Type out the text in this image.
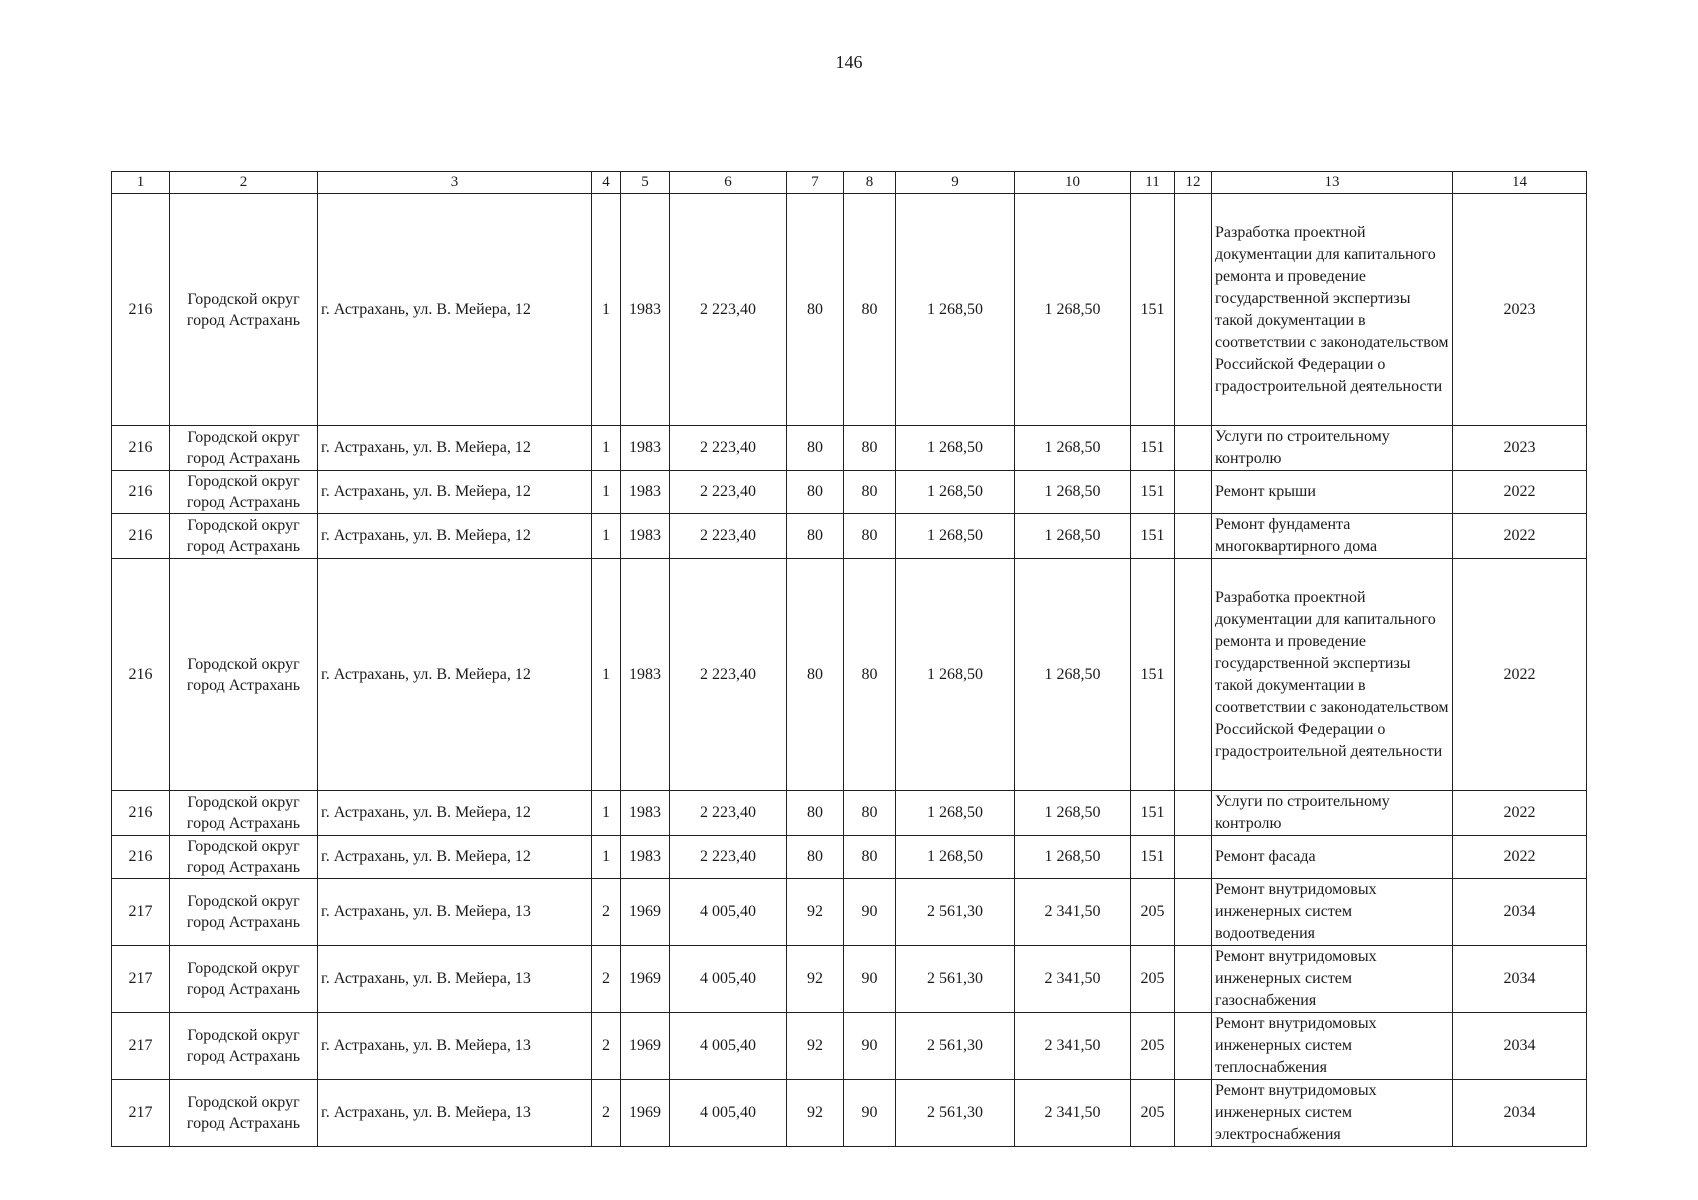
146
1	2	3	4	5	6	7	8	9	10	11	12	13	14
216	Городской округ город Астрахань	г. Астрахань, ул. В. Мейера, 12	1	1983	2 223,40	80	80	1 268,50	1 268,50	151		Разработка проектной документации для капитального ремонта и проведение государственной экспертизы такой документации в соответствии с законодательством Российской Федерации о градостроительной деятельности	2023
216	Городской округ город Астрахань	г. Астрахань, ул. В. Мейера, 12	1	1983	2 223,40	80	80	1 268,50	1 268,50	151		Услуги по строительному контролю	2023
216	Городской округ город Астрахань	г. Астрахань, ул. В. Мейера, 12	1	1983	2 223,40	80	80	1 268,50	1 268,50	151		Ремонт крыши	2022
216	Городской округ город Астрахань	г. Астрахань, ул. В. Мейера, 12	1	1983	2 223,40	80	80	1 268,50	1 268,50	151		Ремонт фундамента многоквартирного дома	2022
216	Городской округ город Астрахань	г. Астрахань, ул. В. Мейера, 12	1	1983	2 223,40	80	80	1 268,50	1 268,50	151		Разработка проектной документации для капитального ремонта и проведение государственной экспертизы такой документации в соответствии с законодательством Российской Федерации о градостроительной деятельности	2022
216	Городской округ город Астрахань	г. Астрахань, ул. В. Мейера, 12	1	1983	2 223,40	80	80	1 268,50	1 268,50	151		Услуги по строительному контролю	2022
216	Городской округ город Астрахань	г. Астрахань, ул. В. Мейера, 12	1	1983	2 223,40	80	80	1 268,50	1 268,50	151		Ремонт фасада	2022
217	Городской округ город Астрахань	г. Астрахань, ул. В. Мейера, 13	2	1969	4 005,40	92	90	2 561,30	2 341,50	205		Ремонт внутридомовых инженерных систем водоотведения	2034
217	Городской округ город Астрахань	г. Астрахань, ул. В. Мейера, 13	2	1969	4 005,40	92	90	2 561,30	2 341,50	205		Ремонт внутридомовых инженерных систем газоснабжения	2034
217	Городской округ город Астрахань	г. Астрахань, ул. В. Мейера, 13	2	1969	4 005,40	92	90	2 561,30	2 341,50	205		Ремонт внутридомовых инженерных систем теплоснабжения	2034
217	Городской округ город Астрахань	г. Астрахань, ул. В. Мейера, 13	2	1969	4 005,40	92	90	2 561,30	2 341,50	205		Ремонт внутридомовых инженерных систем электроснабжения	2034
